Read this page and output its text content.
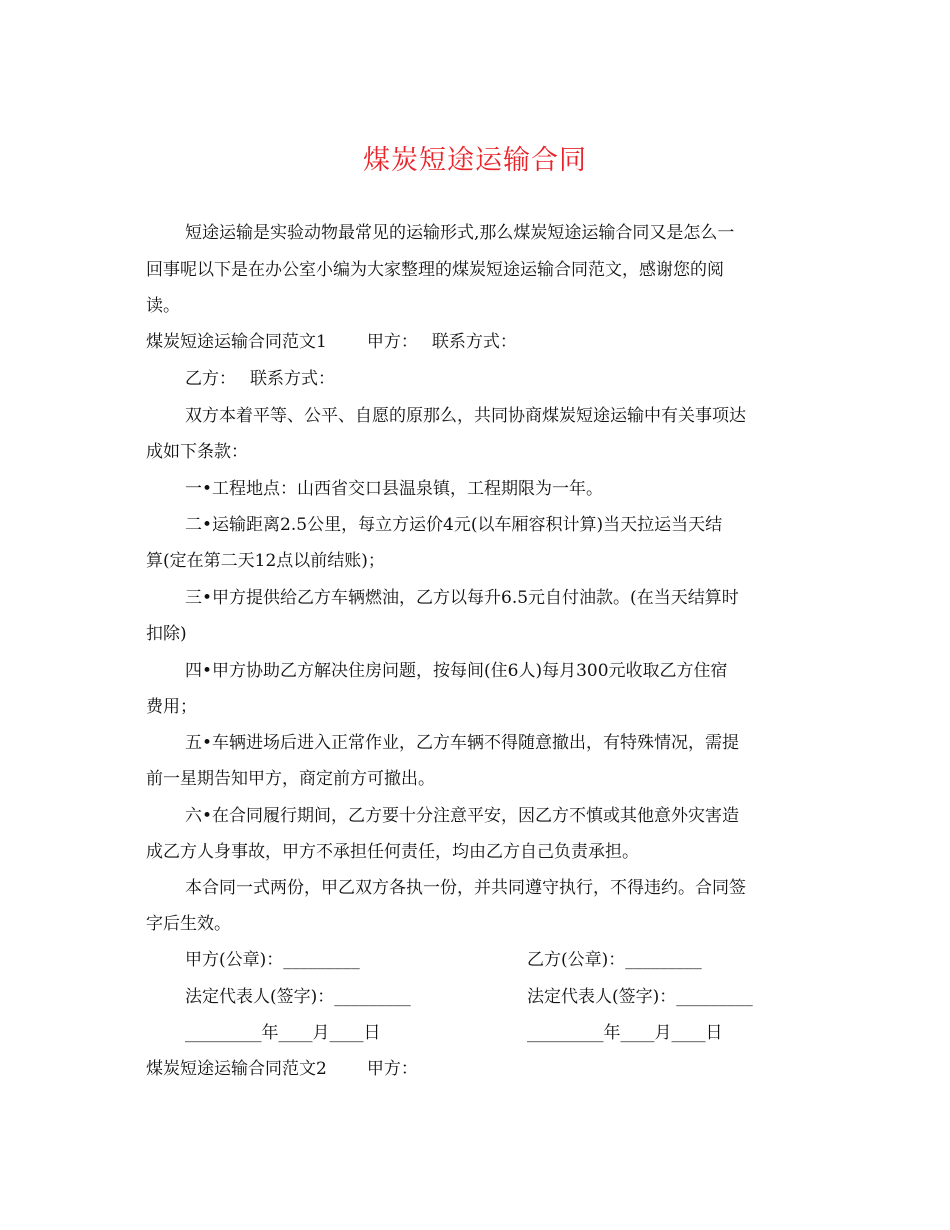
煤炭短途运输合同
短途运输是实验动物最常见的运输形式,那么煤炭短途运输合同又是怎么一
回事呢以下是在办公室小编为大家整理的煤炭短途运输合同范文，感谢您的阅
读。
煤炭短途运输合同范文1 甲方： 联系方式：
乙方： 联系方式：
双方本着平等、公平、自愿的原那么，共同协商煤炭短途运输中有关事项达
成如下条款：
一•工程地点：山西省交口县温泉镇，工程期限为一年。
二•运输距离2.5公里，每立方运价4元(以车厢容积计算)当天拉运当天结
算(定在第二天12点以前结账)；
三•甲方提供给乙方车辆燃油，乙方以每升6.5元自付油款。(在当天结算时
扣除)
四•甲方协助乙方解决住房问题，按每间(住6人)每月300元收取乙方住宿
费用；
五•车辆进场后进入正常作业，乙方车辆不得随意撤出，有特殊情况，需提
前一星期告知甲方，商定前方可撤出。
六•在合同履行期间，乙方要十分注意平安，因乙方不慎或其他意外灾害造
成乙方人身事故，甲方不承担任何责任，均由乙方自己负责承担。
本合同一式两份，甲乙双方各执一份，并共同遵守执行，不得违约。合同签
字后生效。
甲方(公章)：_________	乙方(公章)：_________
法定代表人(签字)：_________	法定代表人(签字)：_________
_________年____月____日	_________年____月____日
煤炭短途运输合同范文2 甲方：
